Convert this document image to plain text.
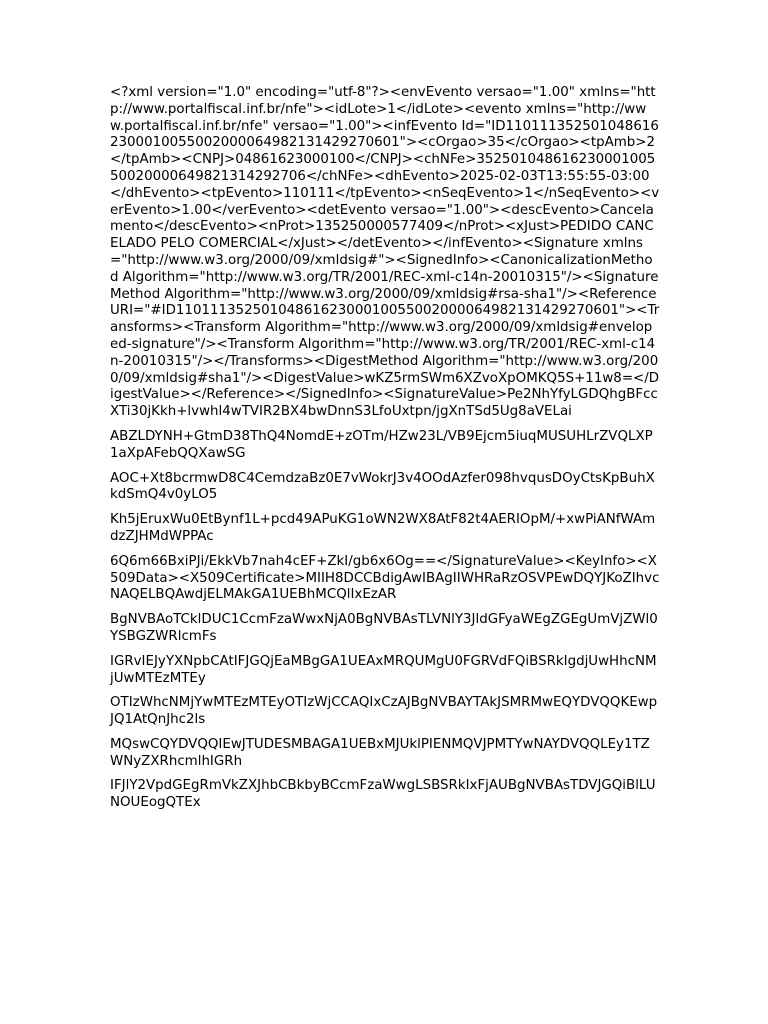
<?xml version="1.0" encoding="utf-8"?><envEvento versao="1.00" xmlns="http://www.portalfiscal.inf.br/nfe"><idLote>1</idLote><evento xmlns="http://www.portalfiscal.inf.br/nfe" versao="1.00"><infEvento Id="ID1101113525010486162300010055002000064982131429270601"><cOrgao>35</cOrgao><tpAmb>2</tpAmb><CNPJ>04861623000100</CNPJ><chNFe>35250104861623000100550020000649821314292706</chNFe><dhEvento>2025-02-03T13:55:55-03:00</dhEvento><tpEvento>110111</tpEvento><nSeqEvento>1</nSeqEvento><verEvento>1.00</verEvento><detEvento versao="1.00"><descEvento>Cancelamento</descEvento><nProt>135250000577409</nProt><xJust>PEDIDO CANCELADO PELO COMERCIAL</xJust></detEvento></infEvento><Signature xmlns="http://www.w3.org/2000/09/xmldsig#"><SignedInfo><CanonicalizationMethod Algorithm="http://www.w3.org/TR/2001/REC-xml-c14n-20010315"/><SignatureMethod Algorithm="http://www.w3.org/2000/09/xmldsig#rsa-sha1"/><Reference URI="#ID1101113525010486162300010055002000064982131429270601"><Transforms><Transform Algorithm="http://www.w3.org/2000/09/xmldsig#enveloped-signature"/><Transform Algorithm="http://www.w3.org/TR/2001/REC-xml-c14n-20010315"/></Transforms><DigestMethod Algorithm="http://www.w3.org/2000/09/xmldsig#sha1"/><DigestValue>wKZ5rmSWm6XZvoXpOMKQ5S+11w8=</DigestValue></Reference></SignedInfo><SignatureValue>Pe2NhYfyLGDQhgBFccXTi30jKkh+lvwhl4wTVIR2BX4bwDnnS3LfoUxtpn/jgXnTSd5Ug8aVELai

ABZLDYNH+GtmD38ThQ4NomdE+zOTm/HZw23L/VB9Ejcm5iuqMUSUHLrZVQLXP1aXpAFebQQXawSG

AOC+Xt8bcrmwD8C4CemdzaBz0E7vWokrJ3v4OOdAzfer098hvqusDOyCtsKpBuhXkdSmQ4v0yLO5

Kh5jEruxWu0EtBynf1L+pcd49APuKG1oWN2WX8AtF82t4AERIOpM/+xwPiANfWAmdzZJHMdWPPAc

6Q6m66BxiPJi/EkkVb7nah4cEF+ZkI/gb6x6Og==</SignatureValue><KeyInfo><X509Data><X509Certificate>MIIH8DCCBdigAwIBAgIIWHRaRzOSVPEwDQYJKoZIhvcNAQELBQAwdjELMAkGA1UEBhMCQlIxEzAR

BgNVBAoTCklDUC1CcmFzaWwxNjA0BgNVBAsTLVNlY3JldGFyaWEgZGEgUmVjZWl0YSBGZWRlcmFs

IGRvIEJyYXNpbCAtIFJGQjEaMBgGA1UEAxMRQUMgU0FGRVdFQiBSRkIgdjUwHhcNMjUwMTEzMTEy

OTIzWhcNMjYwMTEzMTEyOTIzWjCCAQIxCzAJBgNVBAYTAkJSMRMwEQYDVQQKEwpJQ1AtQnJhc2ls

MQswCQYDVQQIEwJTUDESMBAGA1UEBxMJUklPIENMQVJPMTYwNAYDVQQLEy1TZWNyZXRhcmlhIGRh

IFJlY2VpdGEgRmVkZXJhbCBkbyBCcmFzaWwgLSBSRkIxFjAUBgNVBAsTDVJGQiBlLUNOUEogQTEx
